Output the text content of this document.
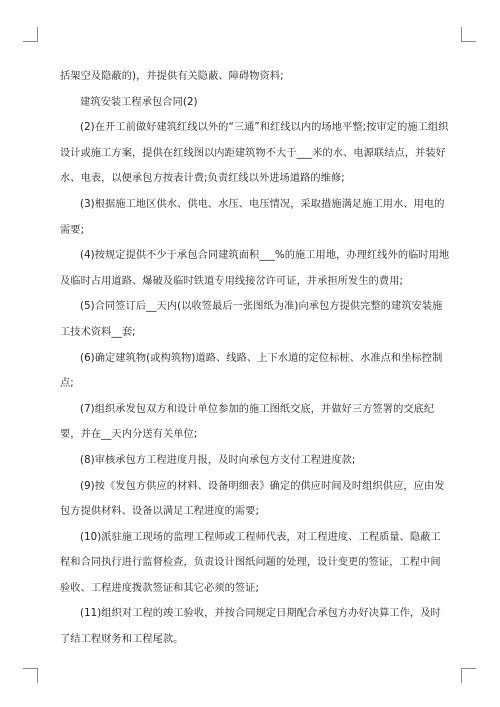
括架空及隐蔽的)，并提供有关隐蔽、障碍物资料;

建筑安装工程承包合同(2)

(2)在开工前做好建筑红线以外的“三通”和红线以内的场地平整;按审定的施工组织设计或施工方案，提供在红线图以内距建筑物不大于___米的水、电源联结点，并装好水、电表，以便承包方按表计费;负责红线以外进场道路的维修;

(3)根据施工地区供水、供电、水压、电压情况，采取措施满足施工用水、用电的需要;

(4)按规定提供不少于承包合同建筑面积___%的施工用地，办理红线外的临时用地及临时占用道路、爆破及临时铁道专用线接岔许可证，并承担所发生的费用;

(5)合同签订后__天内(以收签最后一张图纸为准)向承包方提供完整的建筑安装施工技术资料__套;

(6)确定建筑物(或构筑物)道路、线路、上下水道的定位标桩、水准点和坐标控制点;

(7)组织承发包双方和设计单位参加的施工图纸交底，并做好三方签署的交底纪要，并在__天内分送有关单位;

(8)审核承包方工程进度月报，及时向承包方支付工程进度款;

(9)按《发包方供应的材料、设备明细表》确定的供应时间及时组织供应，应由发包方提供材料、设备以满足工程进度的需要;

(10)派驻施工现场的监理工程师或工程师代表，对工程进度、工程质量、隐蔽工程和合同执行进行监督检查，负责设计图纸问题的处理，设计变更的签证，工程中间验收、工程进度拨款签证和其它必须的签证;

(11)组织对工程的竣工验收，并按合同规定日期配合承包方办好决算工作，及时了结工程财务和工程尾款。
